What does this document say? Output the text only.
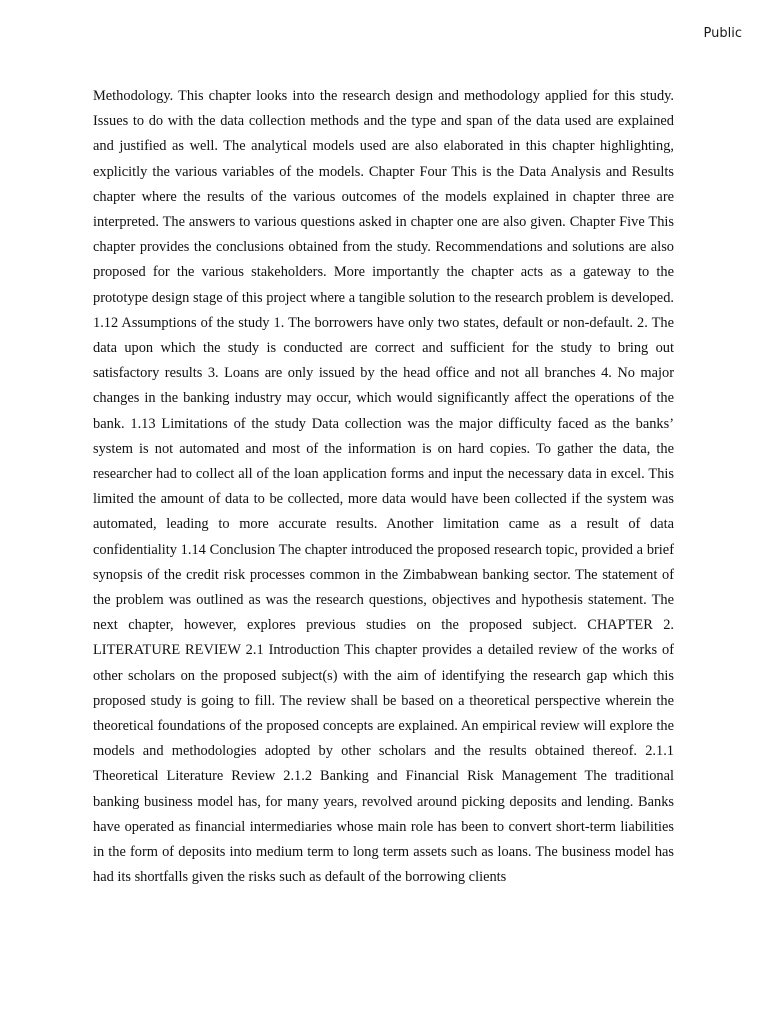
Public

Methodology. This chapter looks into the research design and methodology applied for this study. Issues to do with the data collection methods and the type and span of the data used are explained and justified as well. The analytical models used are also elaborated in this chapter highlighting, explicitly the various variables of the models. Chapter Four This is the Data Analysis and Results chapter where the results of the various outcomes of the models explained in chapter three are interpreted. The answers to various questions asked in chapter one are also given. Chapter Five This chapter provides the conclusions obtained from the study. Recommendations and solutions are also proposed for the various stakeholders. More importantly the chapter acts as a gateway to the prototype design stage of this project where a tangible solution to the research problem is developed. 1.12 Assumptions of the study 1. The borrowers have only two states, default or non-default. 2. The data upon which the study is conducted are correct and sufficient for the study to bring out satisfactory results 3. Loans are only issued by the head office and not all branches 4. No major changes in the banking industry may occur, which would significantly affect the operations of the bank. 1.13 Limitations of the study Data collection was the major difficulty faced as the banks’ system is not automated and most of the information is on hard copies. To gather the data, the researcher had to collect all of the loan application forms and input the necessary data in excel. This limited the amount of data to be collected, more data would have been collected if the system was automated, leading to more accurate results. Another limitation came as a result of data confidentiality 1.14 Conclusion The chapter introduced the proposed research topic, provided a brief synopsis of the credit risk processes common in the Zimbabwean banking sector. The statement of the problem was outlined as was the research questions, objectives and hypothesis statement. The next chapter, however, explores previous studies on the proposed subject. CHAPTER 2. LITERATURE REVIEW 2.1 Introduction This chapter provides a detailed review of the works of other scholars on the proposed subject(s) with the aim of identifying the research gap which this proposed study is going to fill. The review shall be based on a theoretical perspective wherein the theoretical foundations of the proposed concepts are explained. An empirical review will explore the models and methodologies adopted by other scholars and the results obtained thereof. 2.1.1 Theoretical Literature Review 2.1.2 Banking and Financial Risk Management The traditional banking business model has, for many years, revolved around picking deposits and lending. Banks have operated as financial intermediaries whose main role has been to convert short-term liabilities in the form of deposits into medium term to long term assets such as loans. The business model has had its shortfalls given the risks such as default of the borrowing clients
